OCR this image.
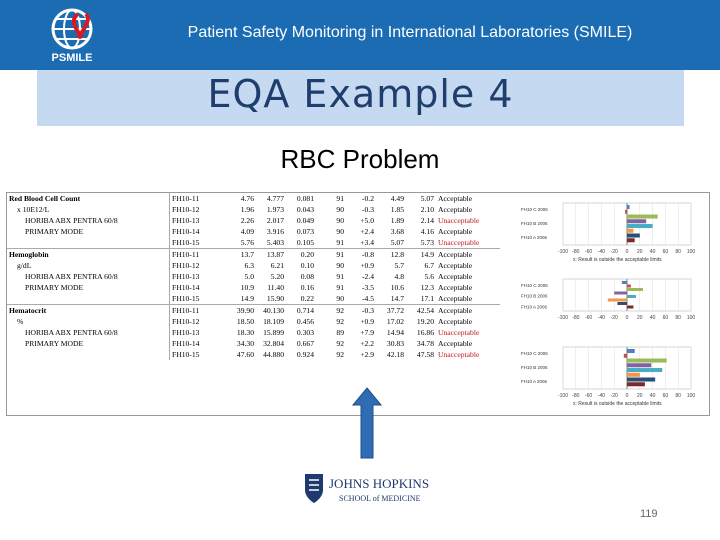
PSMILE
Patient Safety Monitoring in International Laboratories (SMILE)
EQA Example 4
RBC Problem
Red Blood Cell Count	FH10-11	4.76	4.777	0.081	91	-0.2	4.49	5.07	Acceptable
x 10E12/L	FH10-12	1.96	1.973	0.043	90	-0.3	1.85	2.10	Acceptable
HORIBA ABX PENTRA 60/8	FH10-13	2.26	2.017	0.049	90	+5.0	1.89	2.14	Unacceptable
PRIMARY MODE	FH10-14	4.09	3.916	0.073	90	+2.4	3.68	4.16	Acceptable
	FH10-15	5.76	5.403	0.105	91	+3.4	5.07	5.73	Unacceptable
Hemoglobin	FH10-11	13.7	13.87	0.20	91	-0.8	12.8	14.9	Acceptable
g/dL	FH10-12	6.3	6.21	0.10	90	+0.9	5.7	6.7	Acceptable
HORIBA ABX PENTRA 60/8	FH10-13	5.0	5.20	0.08	91	-2.4	4.8	5.6	Acceptable
PRIMARY MODE	FH10-14	10.9	11.40	0.16	91	-3.5	10.6	12.3	Acceptable
	FH10-15	14.9	15.90	0.22	90	-4.5	14.7	17.1	Acceptable
Hematocrit	FH10-11	39.90	40.130	0.714	92	-0.3	37.72	42.54	Acceptable
%	FH10-12	18.50	18.109	0.456	92	+0.9	17.02	19.20	Acceptable
HORIBA ABX PENTRA 60/8	FH10-13	18.30	15.899	0.303	89	+7.9	14.94	16.86	Unacceptable
PRIMARY MODE	FH10-14	34.30	32.804	0.667	92	+2.2	30.83	34.78	Acceptable
	FH10-15	47.60	44.880	0.924	92	+2.9	42.18	47.58	Unacceptable
-100 -80 -60 -40 -20 0 20 40 60 80 100
FH10 C 2006
FH10 B 2006
FH10 A 2006
x: Result is outside the acceptable limits
-100 -80 -60 -40 -20 0 20 40 60 80 100
FH10 C 2006
FH10 B 2006
FH10 A 2006
-100 -80 -60 -40 -20 0 20 40 60 80 100
FH10 C 2006
FH10 B 2006
FH10 A 2006
x: Result is outside the acceptable limits
JOHNS HOPKINS
SCHOOL of MEDICINE
119
